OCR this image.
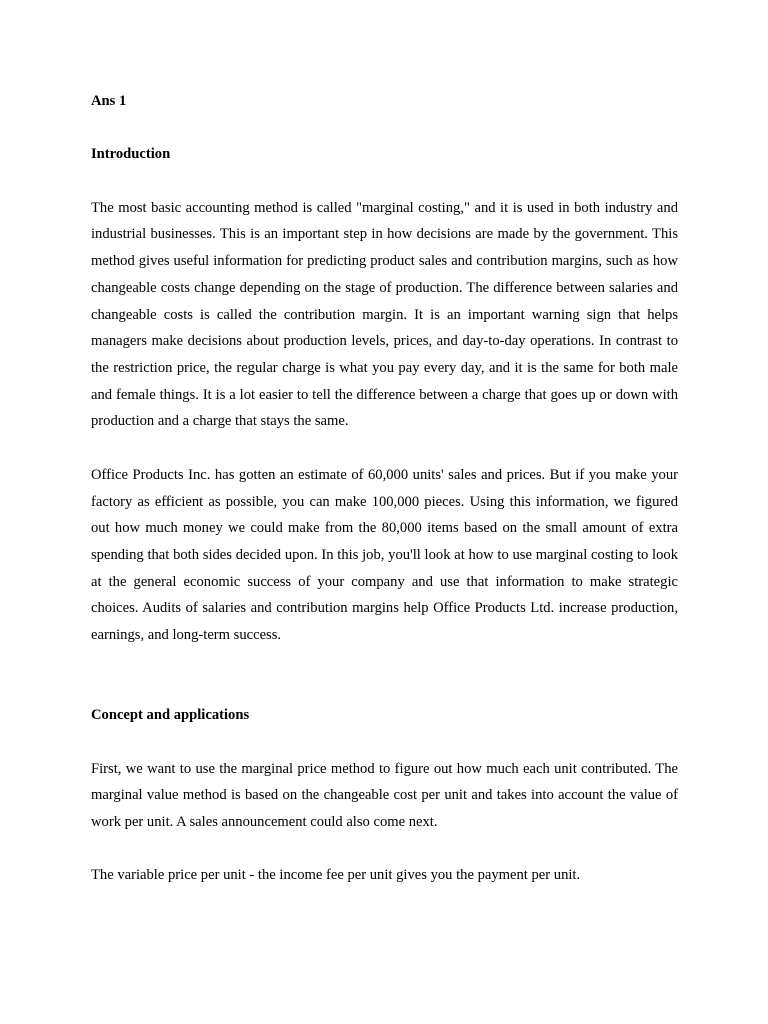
Ans 1

Introduction

The most basic accounting method is called "marginal costing," and it is used in both industry and industrial businesses. This is an important step in how decisions are made by the government. This method gives useful information for predicting product sales and contribution margins, such as how changeable costs change depending on the stage of production. The difference between salaries and changeable costs is called the contribution margin. It is an important warning sign that helps managers make decisions about production levels, prices, and day-to-day operations. In contrast to the restriction price, the regular charge is what you pay every day, and it is the same for both male and female things. It is a lot easier to tell the difference between a charge that goes up or down with production and a charge that stays the same.

Office Products Inc. has gotten an estimate of 60,000 units' sales and prices. But if you make your factory as efficient as possible, you can make 100,000 pieces. Using this information, we figured out how much money we could make from the 80,000 items based on the small amount of extra spending that both sides decided upon. In this job, you'll look at how to use marginal costing to look at the general economic success of your company and use that information to make strategic choices. Audits of salaries and contribution margins help Office Products Ltd. increase production, earnings, and long-term success.

Concept and applications

First, we want to use the marginal price method to figure out how much each unit contributed. The marginal value method is based on the changeable cost per unit and takes into account the value of work per unit. A sales announcement could also come next.

The variable price per unit - the income fee per unit gives you the payment per unit.
